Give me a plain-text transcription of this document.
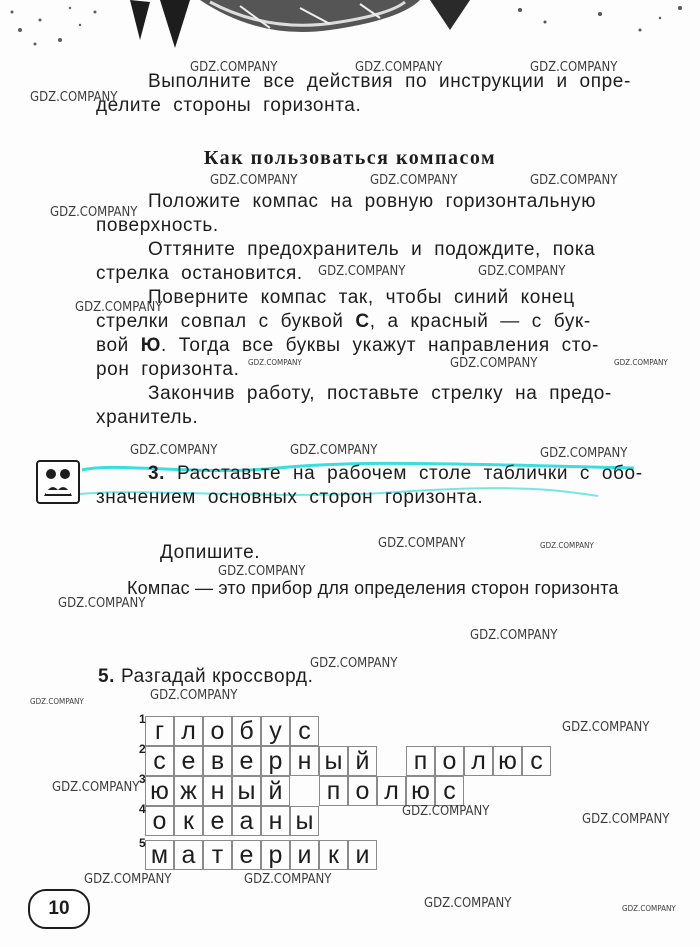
Выполните все действия по инструкции и опре-
делите стороны горизонта.
Как пользоваться компасом
Положите компас на ровную горизонтальную
поверхность.
Оттяните предохранитель и подождите, пока
стрелка остановится.
Поверните компас так, чтобы синий конец
стрелки совпал с буквой С, а красный — с бук-
вой Ю. Тогда все буквы укажут направления сто-
рон горизонта.
Закончив работу, поставьте стрелку на предо-
хранитель.
3. Расставьте на рабочем столе таблички с обо-
значением основных сторон горизонта.
Допишите.
Компас — это прибор для определения сторон горизонта
5. Разгадай кроссворд.
1 г л о б у с
2 с е в е р н ы й	п о л ю с
3 ю ж н ы й	п о л ю с
4 о к е а н ы
5 м а т е р и к и
10
GDZ.COMPANY	GDZ.COMPANY	GDZ.COMPANY
GDZ.COMPANY
GDZ.COMPANY	GDZ.COMPANY	GDZ.COMPANY
GDZ.COMPANY
GDZ.COMPANY	GDZ.COMPANY
GDZ.COMPANY
GDZ.COMPANY	GDZ.COMPANY	GDZ.COMPANY
GDZ.COMPANY	GDZ.COMPANY	GDZ.COMPANY
GDZ.COMPANY	GDZ.COMPANY
GDZ.COMPANY
GDZ.COMPANY
GDZ.COMPANY
GDZ.COMPANY
GDZ.COMPANY	GDZ.COMPANY
GDZ.COMPANY
GDZ.COMPANY
GDZ.COMPANY
GDZ.COMPANY
GDZ.COMPANY	GDZ.COMPANY
GDZ.COMPANY	GDZ.COMPANY
